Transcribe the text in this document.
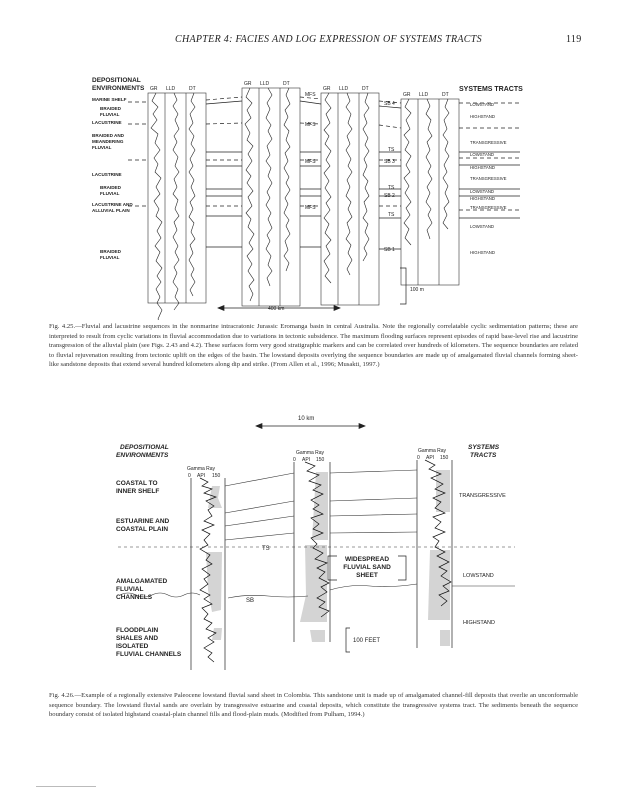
CHAPTER 4: FACIES AND LOG EXPRESSION OF SYSTEMS TRACTS	119
DEPOSITIONAL
ENVIRONMENTS	SYSTEMS TRACTS
GR LLD	DT
GR LLD	DT
GR LLD	DT
GR LLD	DT
MARINE SHELF
BRAIDED
FLUVIAL
LACUSTRINE
BRAIDED AND
MEANDERING
FLUVIAL
LACUSTRINE
BRAIDED
FLUVIAL
LACUSTRINE AND
ALLUVIAL PLAIN
BRAIDED
FLUVIAL
MFS
MFS
MFS
MFS
SB 4
TS
SB 3
TS
SB 2
TS
SB 1
LOWSTAND
HIGHSTAND
TRANSGRESSIVE
LOWSTAND
HIGHSTAND
TRANSGRESSIVE
LOWSTAND
HIGHSTAND
TRANSGRESSIVE
LOWSTAND
HIGHSTAND
400 km
100 m
Fig. 4.25.—Fluvial and lacustrine sequences in the nonmarine intracratonic Jurassic Eromanga basin in central Australia. Note the regionally correlatable cyclic sedimentation patterns; these are interpreted to result from cyclic variations in fluvial accommodation due to variations in tectonic subsidence. The maximum flooding surfaces represent episodes of rapid base-level rise and lacustrine transgression of the alluvial plain (see Figs. 2.43 and 4.2). These surfaces form very good stratigraphic markers and can be correlated over hundreds of kilometers. The sequence boundaries are related to fluvial rejuvenation resulting from tectonic uplift on the edges of the basin. The lowstand deposits overlying the sequence boundaries are made up of amalgamated fluvial channels forming sheet-like sandstone deposits that extend several hundred kilometers along dip and strike. (From Allen et al., 1996; Musakti, 1997.)
10 km
DEPOSITIONAL
ENVIRONMENTS
SYSTEMS
TRACTS
Gamma Ray
0 API 150
Gamma Ray
0 API 150
Gamma Ray
0 API 150
TS
SB
COASTAL TO
INNER SHELF
ESTUARINE AND
COASTAL PLAIN
AMALGAMATED
FLUVIAL
CHANNELS
FLOODPLAIN
SHALES AND
ISOLATED
FLUVIAL CHANNELS
WIDESPREAD
FLUVIAL SAND
SHEET
100 FEET
TRANSGRESSIVE
LOWSTAND
HIGHSTAND
Fig. 4.26.—Example of a regionally extensive Paleocene lowstand fluvial sand sheet in Colombia. This sandstone unit is made up of amalgamated channel-fill deposits that overlie an unconformable sequence boundary. The lowstand fluvial sands are overlain by transgressive estuarine and coastal deposits, which constitute the transgressive systems tract. The sediments beneath the sequence boundary consist of isolated highstand coastal-plain channel fills and flood-plain muds. (Modified from Pulham, 1994.)
